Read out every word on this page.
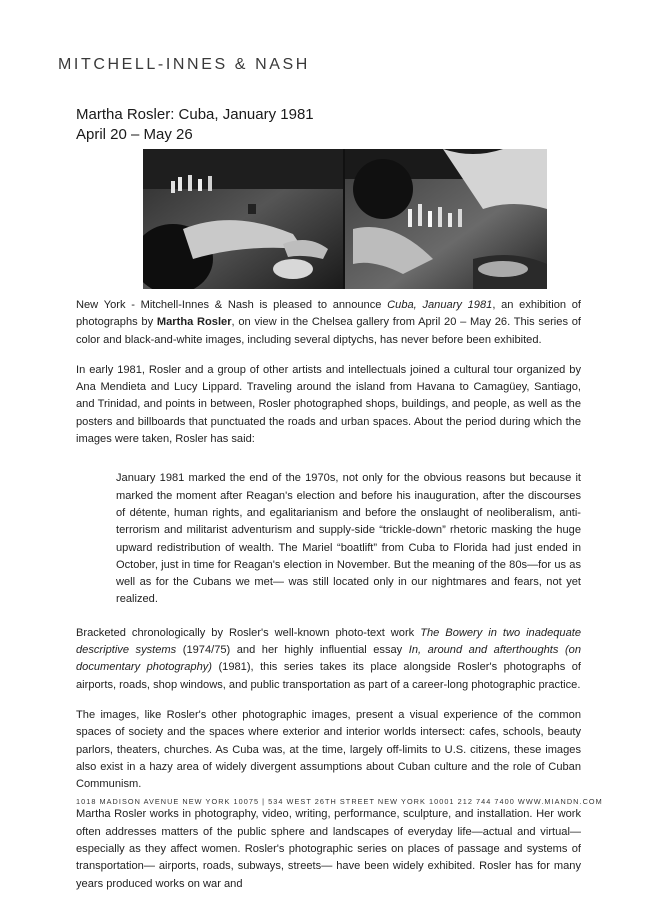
MITCHELL-INNES & NASH
Martha Rosler: Cuba, January 1981
April 20 – May 26

New York - Mitchell-Innes & Nash is pleased to announce Cuba, January 1981, an exhibition of photographs by Martha Rosler, on view in the Chelsea gallery from April 20 – May 26. This series of color and black-and-white images, including several diptychs, has never before been exhibited.

In early 1981, Rosler and a group of other artists and intellectuals joined a cultural tour organized by Ana Mendieta and Lucy Lippard. Traveling around the island from Havana to Camagüey, Santiago, and Trinidad, and points in between, Rosler photographed shops, buildings, and people, as well as the posters and billboards that punctuated the roads and urban spaces. About the period during which the images were taken, Rosler has said:

January 1981 marked the end of the 1970s, not only for the obvious reasons but because it marked the moment after Reagan's election and before his inauguration, after the discourses of détente, human rights, and egalitarianism and before the onslaught of neoliberalism, anti-terrorism and militarist adventurism and supply-side “trickle-down” rhetoric masking the huge upward redistribution of wealth. The Mariel “boatlift” from Cuba to Florida had just ended in October, just in time for Reagan's election in November. But the meaning of the 80s—for us as well as for the Cubans we met— was still located only in our nightmares and fears, not yet realized.

Bracketed chronologically by Rosler's well-known photo-text work The Bowery in two inadequate descriptive systems (1974/75) and her highly influential essay In, around and afterthoughts (on documentary photography) (1981), this series takes its place alongside Rosler's photographs of airports, roads, shop windows, and public transportation as part of a career-long photographic practice.

The images, like Rosler's other photographic images, present a visual experience of the common spaces of society and the spaces where exterior and interior worlds intersect: cafes, schools, beauty parlors, theaters, churches. As Cuba was, at the time, largely off-limits to U.S. citizens, these images also exist in a hazy area of widely divergent assumptions about Cuban culture and the role of Cuban Communism.

Martha Rosler works in photography, video, writing, performance, sculpture, and installation. Her work often addresses matters of the public sphere and landscapes of everyday life—actual and virtual—especially as they affect women. Rosler's photographic series on places of passage and systems of transportation— airports, roads, subways, streets— have been widely exhibited. Rosler has for many years produced works on war and

1018 MADISON AVENUE NEW YORK 10075 | 534 WEST 26TH STREET NEW YORK 10001 212 744 7400 WWW.MIANDN.COM
